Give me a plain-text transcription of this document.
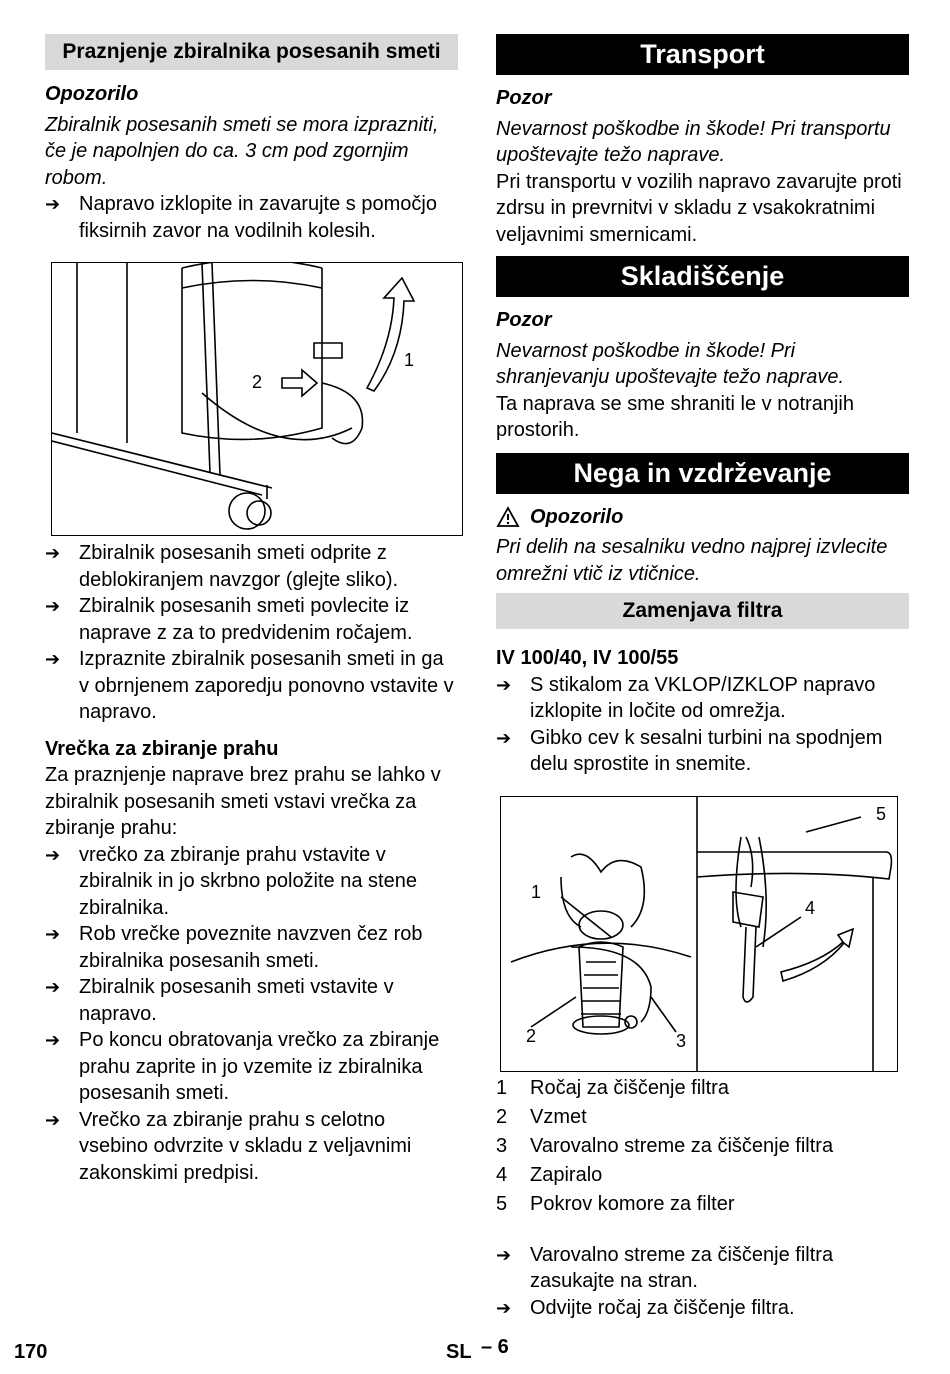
Praznjenje zbiralnika posesanih smeti

Opozorilo

Zbiralnik posesanih smeti se mora izprazniti, če je napolnjen do ca. 3 cm pod zgornjim robom.

➔ Napravo izklopite in zavarujte s pomočjo fiksirnih zavor na vodilnih kolesih.
1
2
➔ Zbiralnik posesanih smeti odprite z deblokiranjem navzgor (glejte sliko).
➔ Zbiralnik posesanih smeti povlecite iz naprave z za to predvidenim ročajem.
➔ Izpraznite zbiralnik posesanih smeti in ga v obrnjenem zaporedju ponovno vstavite v napravo.

Vrečka za zbiranje prahu

Za praznjenje naprave brez prahu se lahko v zbiralnik posesanih smeti vstavi vrečka za zbiranje prahu:

➔ vrečko za zbiranje prahu vstavite v zbiralnik in jo skrbno položite na stene zbiralnika.
➔ Rob vrečke poveznite navzven čez rob zbiralnika posesanih smeti.
➔ Zbiralnik posesanih smeti vstavite v napravo.
➔ Po koncu obratovanja vrečko za zbiranje prahu zaprite in jo vzemite iz zbiralnika posesanih smeti.
➔ Vrečko za zbiranje prahu s celotno vsebino odvrzite v skladu z veljavnimi zakonskimi predpisi.
Transport

Pozor

Nevarnost poškodbe in škode! Pri transportu upoštevajte težo naprave.

Pri transportu v vozilih napravo zavarujte proti zdrsu in prevrnitvi v skladu z vsakokratnimi veljavnimi smernicami.

Skladiščenje

Pozor

Nevarnost poškodbe in škode! Pri shranjevanju upoštevajte težo naprave.

Ta naprava se sme shraniti le v notranjih prostorih.

Nega in vzdrževanje

Opozorilo

Pri delih na sesalniku vedno najprej izvlecite omrežni vtič iz vtičnice.

Zamenjava filtra

IV 100/40, IV 100/55

➔ S stikalom za VKLOP/IZKLOP napravo izklopite in ločite od omrežja.
➔ Gibko cev k sesalni turbini na spodnjem delu sprostite in snemite.
1
2	3
4
5
1	Ročaj za čiščenje filtra
2	Vzmet
3	Varovalno streme za čiščenje filtra
4	Zapiralo
5	Pokrov komore za filter
➔ Varovalno streme za čiščenje filtra zasukajte na stran.
➔ Odvijte ročaj za čiščenje filtra.
170	SL – 6
